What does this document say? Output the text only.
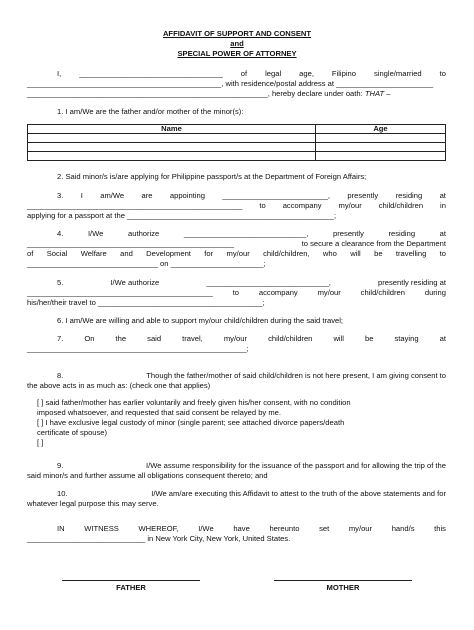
AFFIDAVIT OF SUPPORT AND CONSENT
and
SPECIAL POWER OF ATTORNEY
I, __________________________________ of legal age, Filipino single/married to
______________________________________________, with residence/postal address at _______________________
_________________________________________________________, hereby declare under oath: THAT –
1. I am/We are the father and/or mother of the minor(s):
Name	Age

2. Said minor/s is/are applying for Philippine passport/s at the Department of Foreign Affairs;
3. I am/We are appointing _________________________, presently residing at
___________________________________________________ to accompany my/our child/children in
applying for a passport at the _________________________________________________;
4.	I/We	authorize	_____________________________,	presently	residing	at
_________________________________________________	to secure a clearance from the Department
of Social Welfare and Development for my/our child/children, who will be travelling to
_______________________________ on ______________________;
5.	I/We authorize	_____________________________,	presently residing at
____________________________________________	to	accompany	my/our	child/children	during
his/her/their travel to _______________________________________;
6. I am/We are willing and able to support my/our child/children during the said travel;
7.	On	the	said	travel,	my/our	child/children	will	be	staying	at
____________________________________________________;
8.	Though the father/mother of said child/children is not here present, I am giving consent to
the above acts in as much as: (check one that applies)
[ ] said father/mother has earlier voluntarily and freely given his/her consent, with no condition
imposed whatsoever, and requested that said consent be relayed by me.
[ ] I have exclusive legal custody of minor (single parent; see attached divorce papers/death
certificate of spouse)
[ ]
9.	I/We assume responsibility for the issuance of the passport and for allowing the trip of the
said minor/s and further assume all obligations consequent thereto; and
10.	I/We am/are executing this Affidavit to attest to the truth of the above statements and for
whatever legal purpose this may serve.
IN	WITNESS	WHEREOF,	I/We	have	hereunto	set	my/our	hand/s	this
____________________________ in New York City, New York, United States.
FATHER	MOTHER
